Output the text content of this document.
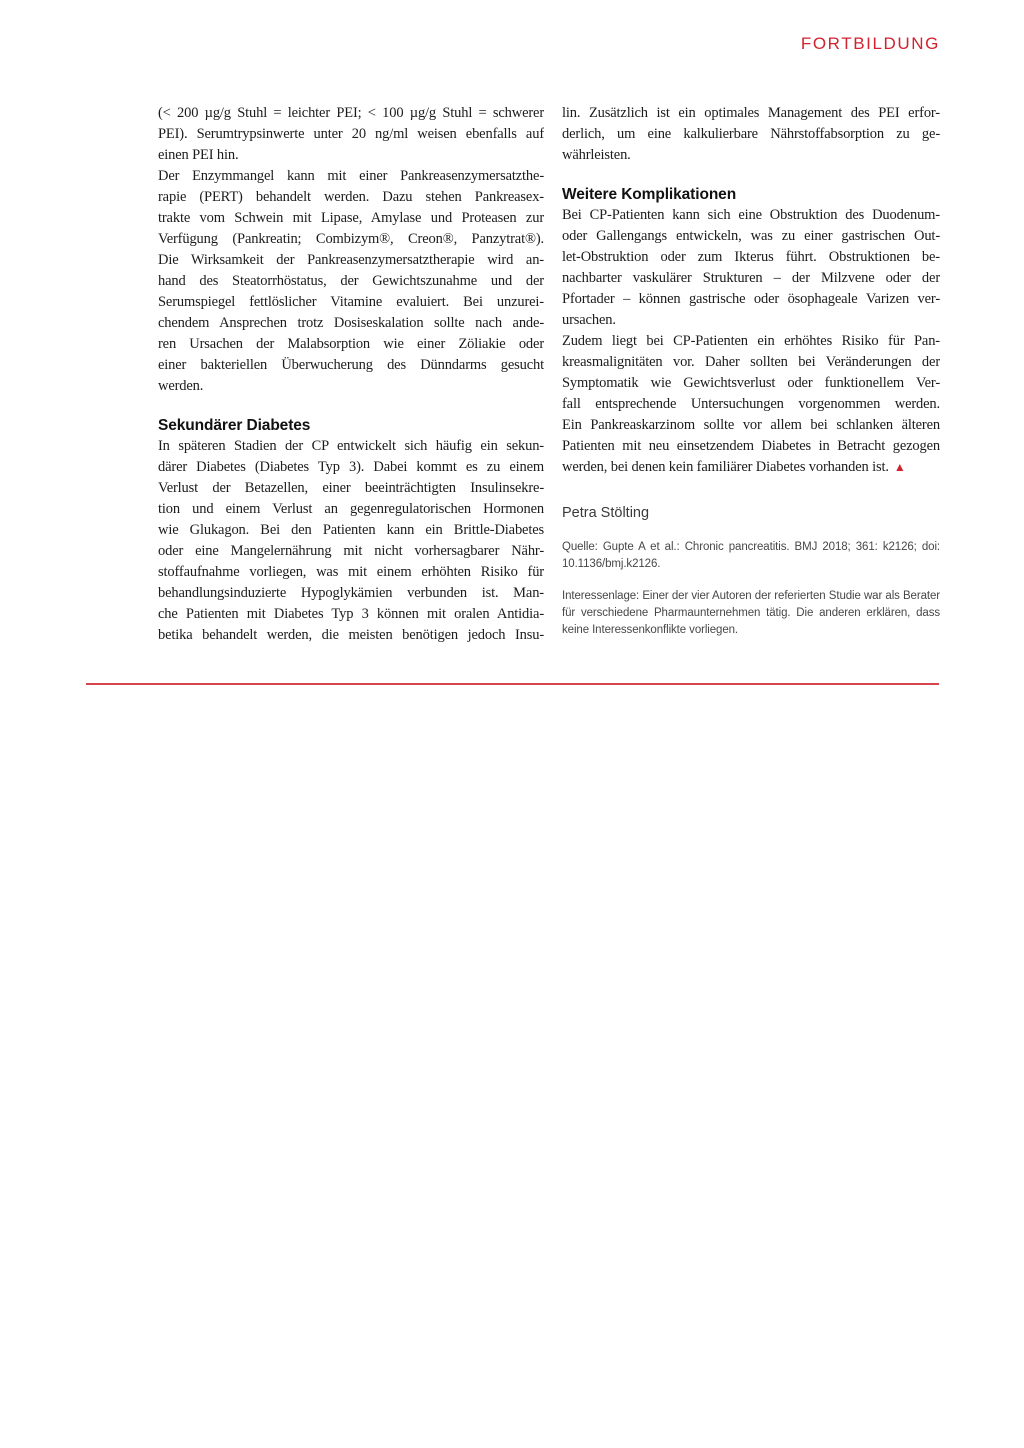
FORTBILDUNG
(< 200 µg/g Stuhl = leichter PEI; < 100 µg/g Stuhl = schwerer
PEI). Serumtrypsinwerte unter 20 ng/ml weisen ebenfalls auf
einen PEI hin.
Der Enzymmangel kann mit einer Pankreasenzymersatzthe-
rapie (PERT) behandelt werden. Dazu stehen Pankreasex-
trakte vom Schwein mit Lipase, Amylase und Proteasen zur
Verfügung (Pankreatin; Combizym®, Creon®, Panzytrat®).
Die Wirksamkeit der Pankreasenzymersatztherapie wird an-
hand des Steatorrhöstatus, der Gewichtszunahme und der
Serumspiegel fettlöslicher Vitamine evaluiert. Bei unzurei-
chendem Ansprechen trotz Dosiseskalation sollte nach ande-
ren Ursachen der Malabsorption wie einer Zöliakie oder
einer bakteriellen Überwucherung des Dünndarms gesucht
werden.
Sekundärer Diabetes
In späteren Stadien der CP entwickelt sich häufig ein sekun-
därer Diabetes (Diabetes Typ 3). Dabei kommt es zu einem
Verlust der Betazellen, einer beeinträchtigten Insulinsekre-
tion und einem Verlust an gegenregulatorischen Hormonen
wie Glukagon. Bei den Patienten kann ein Brittle-Diabetes
oder eine Mangelernährung mit nicht vorhersagbarer Nähr-
stoffaufnahme vorliegen, was mit einem erhöhten Risiko für
behandlungsinduzierte Hypoglykämien verbunden ist. Man-
che Patienten mit Diabetes Typ 3 können mit oralen Antidia-
betika behandelt werden, die meisten benötigen jedoch Insu-
lin. Zusätzlich ist ein optimales Management des PEI erfor-
derlich, um eine kalkulierbare Nährstoffabsorption zu ge-
währleisten.
Weitere Komplikationen
Bei CP-Patienten kann sich eine Obstruktion des Duodenum-
oder Gallengangs entwickeln, was zu einer gastrischen Out-
let-Obstruktion oder zum Ikterus führt. Obstruktionen be-
nachbarter vaskulärer Strukturen – der Milzvene oder der
Pfortader – können gastrische oder ösophageale Varizen ver-
ursachen.
Zudem liegt bei CP-Patienten ein erhöhtes Risiko für Pan-
kreasmalignitäten vor. Daher sollten bei Veränderungen der
Symptomatik wie Gewichtsverlust oder funktionellem Ver-
fall entsprechende Untersuchungen vorgenommen werden.
Ein Pankreaskarzinom sollte vor allem bei schlanken älteren
Patienten mit neu einsetzendem Diabetes in Betracht gezogen
werden, bei denen kein familiärer Diabetes vorhanden ist. ▲
Petra Stölting
Quelle: Gupte A et al.: Chronic pancreatitis. BMJ 2018; 361: k2126; doi: 10.1136/bmj.k2126.
Interessenlage: Einer der vier Autoren der referierten Studie war als Berater für verschiedene Pharmaunternehmen tätig. Die anderen erklären, dass keine Interessenkonflikte vorliegen.
